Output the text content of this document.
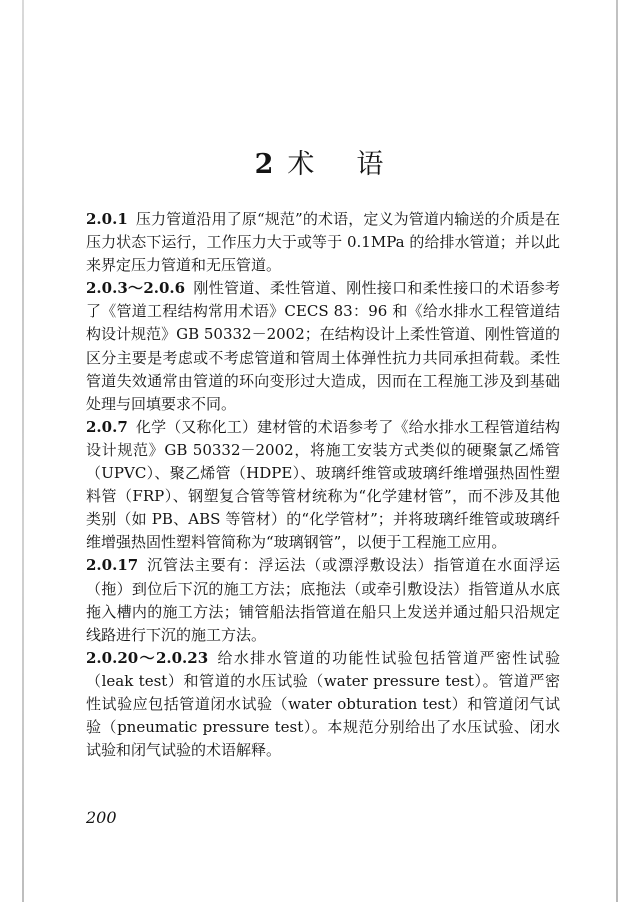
2 术 语

2.0.1 压力管道沿用了原“规范”的术语，定义为管道内输送的介质是在压力状态下运行，工作压力大于或等于 0.1MPa 的给排水管道；并以此来界定压力管道和无压管道。

2.0.3～2.0.6 刚性管道、柔性管道、刚性接口和柔性接口的术语参考了《管道工程结构常用术语》CECS 83：96 和《给水排水工程管道结构设计规范》GB 50332－2002；在结构设计上柔性管道、刚性管道的区分主要是考虑或不考虑管道和管周土体弹性抗力共同承担荷载。柔性管道失效通常由管道的环向变形过大造成，因而在工程施工涉及到基础处理与回填要求不同。

2.0.7 化学（又称化工）建材管的术语参考了《给水排水工程管道结构设计规范》GB 50332－2002，将施工安装方式类似的硬聚氯乙烯管（UPVC）、聚乙烯管（HDPE）、玻璃纤维管或玻璃纤维增强热固性塑料管（FRP）、钢塑复合管等管材统称为“化学建材管”，而不涉及其他类别（如 PB、ABS 等管材）的“化学管材”；并将玻璃纤维管或玻璃纤维增强热固性塑料管简称为“玻璃钢管”，以便于工程施工应用。

2.0.17 沉管法主要有：浮运法（或漂浮敷设法）指管道在水面浮运（拖）到位后下沉的施工方法；底拖法（或牵引敷设法）指管道从水底拖入槽内的施工方法；铺管船法指管道在船只上发送并通过船只沿规定线路进行下沉的施工方法。

2.0.20～2.0.23 给水排水管道的功能性试验包括管道严密性试验（leak test）和管道的水压试验（water pressure test）。管道严密性试验应包括管道闭水试验（water obturation test）和管道闭气试验（pneumatic pressure test）。本规范分别给出了水压试验、闭水试验和闭气试验的术语解释。

200
